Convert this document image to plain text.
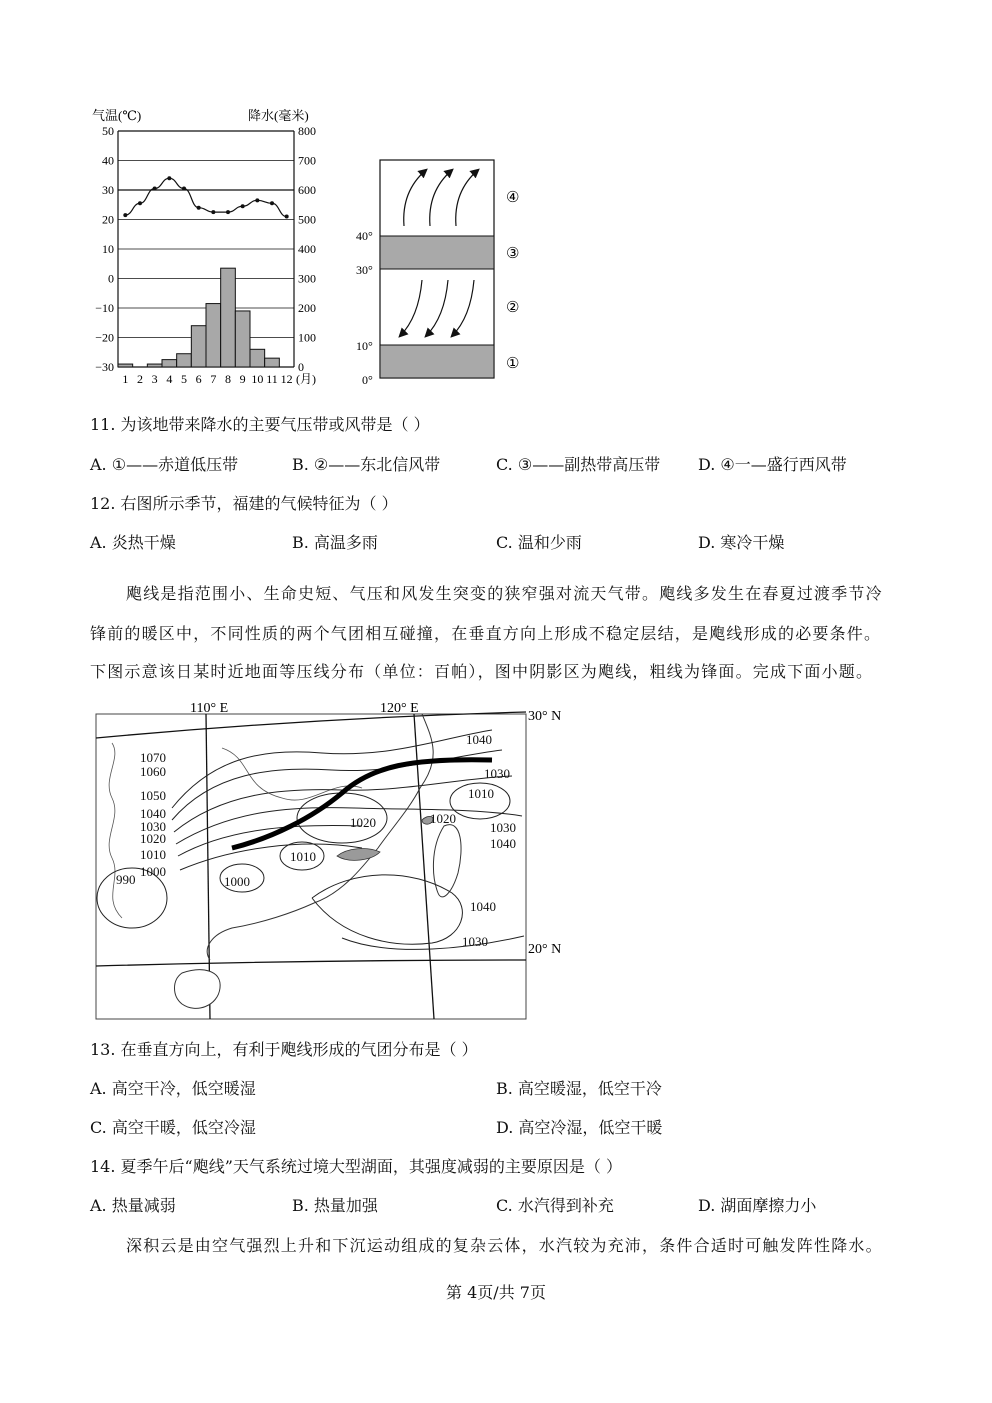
气温(℃)	降水(毫米)
50
40
30
20
10
0
−10
−20
−30
800
700
600
500
400
300
200
100
0
1 2 3 4 5 6 7 8 9 10 11 12 (月)
40°
30°
10°
0°
④
③
②
①
11. 为该地带来降水的主要气压带或风带是（ ）
A. ①——赤道低压带	B. ②——东北信风带	C. ③——副热带高压带 D. ④一—盛行西风带
12. 右图所示季节，福建的气候特征为（ ）
A. 炎热干燥	B. 高温多雨	C. 温和少雨	D. 寒冷干燥
飑线是指范围小、生命史短、气压和风发生突变的狭窄强对流天气带。飑线多发生在春夏过渡季节冷
锋前的暖区中，不同性质的两个气团相互碰撞，在垂直方向上形成不稳定层结，是飑线形成的必要条件。
下图示意该日某时近地面等压线分布（单位：百帕），图中阴影区为飑线，粗线为锋面。完成下面小题。
110° E	120° E
30° N
20° N
1040
1070
1060	1030
1010
1050
1040
1030	1020	1020
1030
1020	1040
1010	1010
990
1000
1000
1040
1030
13. 在垂直方向上，有利于飑线形成的气团分布是（ ）
A. 高空干冷，低空暖湿	B. 高空暖湿，低空干冷
C. 高空干暖，低空冷湿	D. 高空冷湿，低空干暖
14. 夏季午后“飑线”天气系统过境大型湖面，其强度减弱的主要原因是（ ）
A. 热量减弱	B. 热量加强	C. 水汽得到补充	D. 湖面摩擦力小
深积云是由空气强烈上升和下沉运动组成的复杂云体，水汽较为充沛，条件合适时可触发阵性降水。
第 4页/共 7页
